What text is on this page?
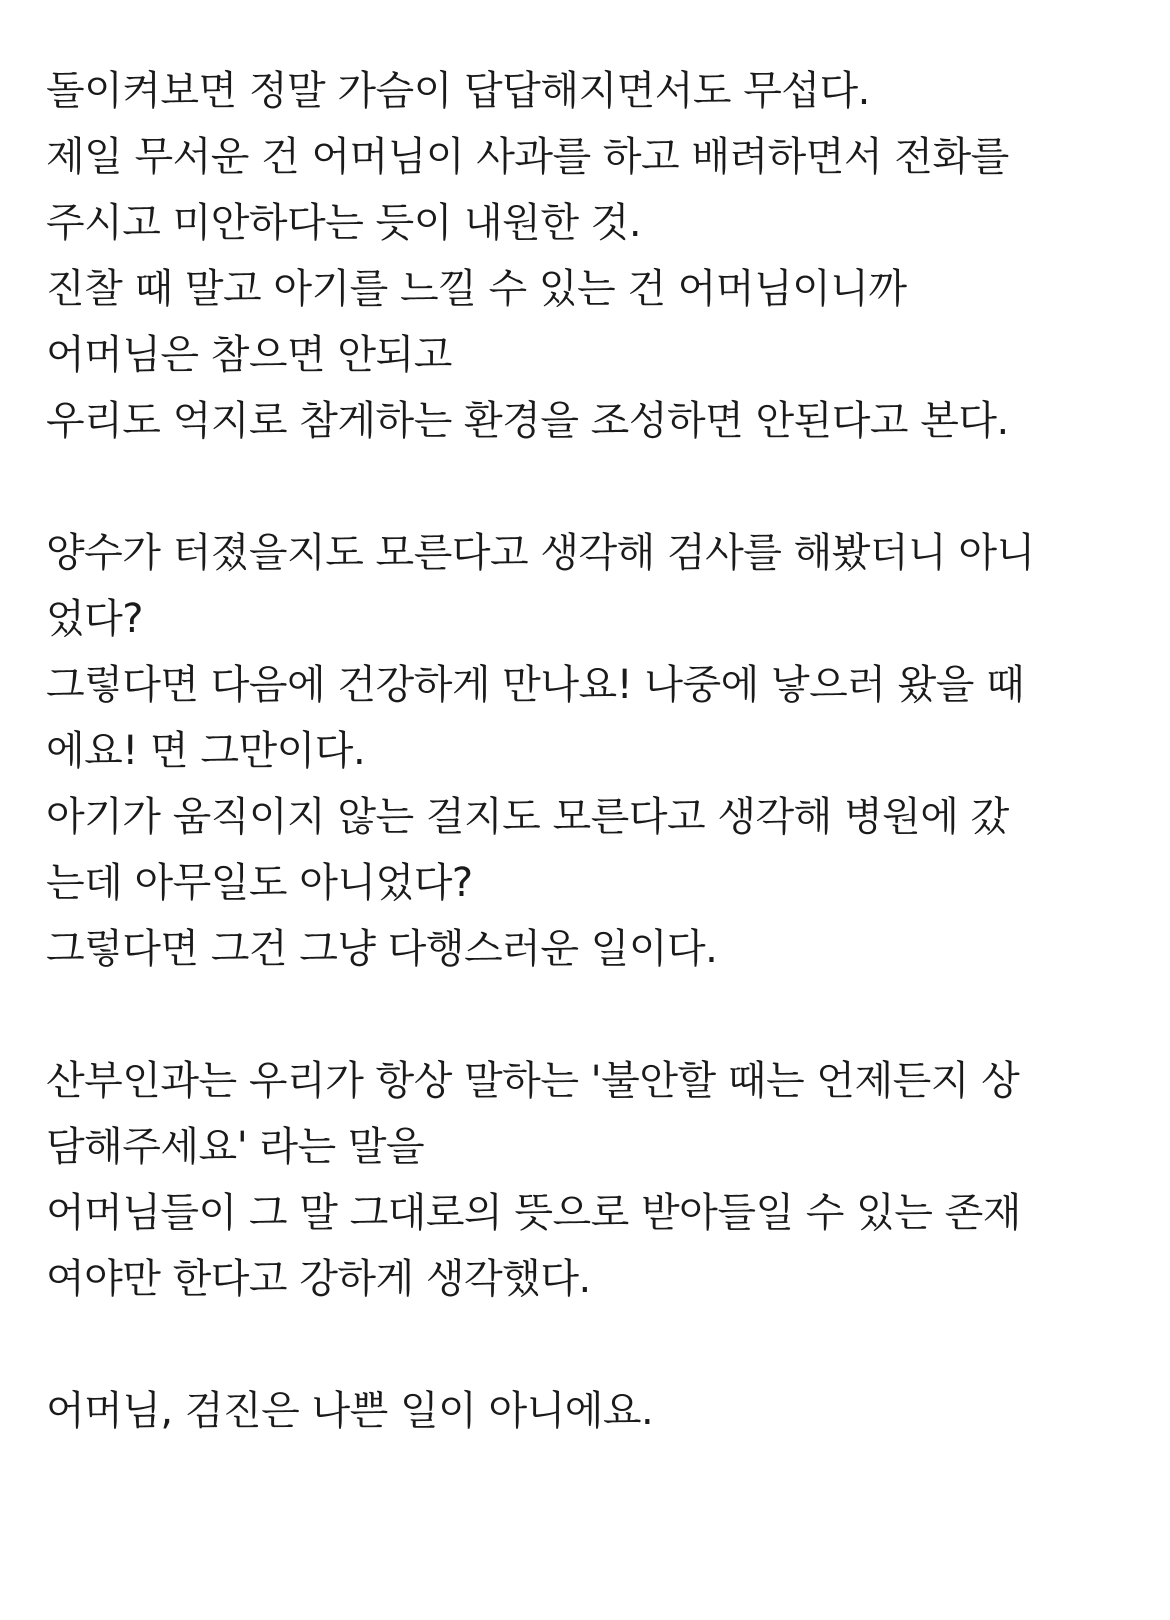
돌이켜보면 정말 가슴이 답답해지면서도 무섭다.
제일 무서운 건 어머님이 사과를 하고 배려하면서 전화를
주시고 미안하다는 듯이 내원한 것.
진찰 때 말고 아기를 느낄 수 있는 건 어머님이니까
어머님은 참으면 안되고
우리도 억지로 참게하는 환경을 조성하면 안된다고 본다.
양수가 터졌을지도 모른다고 생각해 검사를 해봤더니 아니
었다?
그렇다면 다음에 건강하게 만나요! 나중에 낳으러 왔을 때
에요! 면 그만이다.
아기가 움직이지 않는 걸지도 모른다고 생각해 병원에 갔
는데 아무일도 아니었다?
그렇다면 그건 그냥 다행스러운 일이다.
산부인과는 우리가 항상 말하는 '불안할 때는 언제든지 상
담해주세요' 라는 말을
어머님들이 그 말 그대로의 뜻으로 받아들일 수 있는 존재
여야만 한다고 강하게 생각했다.
어머님, 검진은 나쁜 일이 아니에요.
